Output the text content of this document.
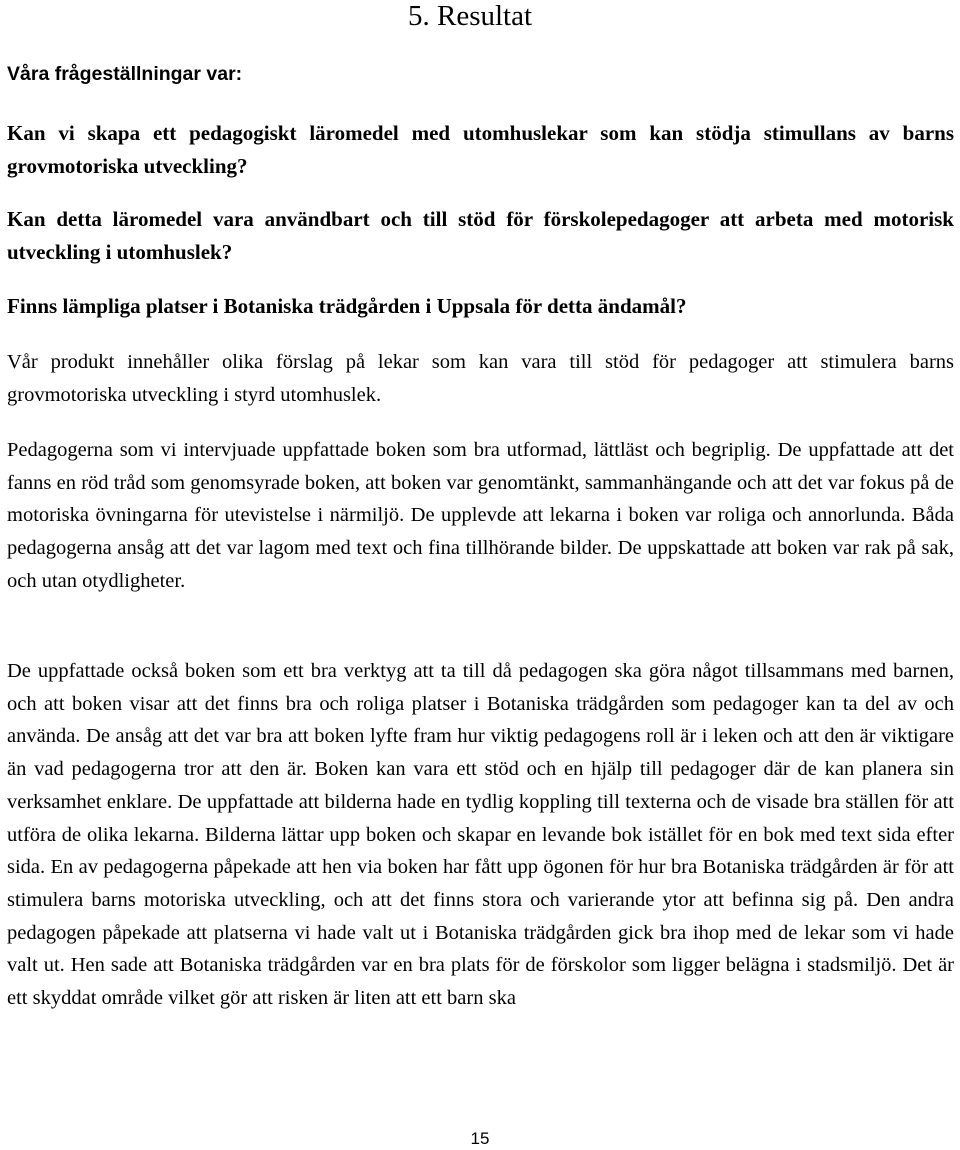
5. Resultat

Våra frågeställningar var:

Kan vi skapa ett pedagogiskt läromedel med utomhuslekar som kan stödja stimullans av barns grovmotoriska utveckling?

Kan detta läromedel vara användbart och till stöd för förskolepedagoger att arbeta med motorisk utveckling i utomhuslek?

Finns lämpliga platser i Botaniska trädgården i Uppsala för detta ändamål?

Vår produkt innehåller olika förslag på lekar som kan vara till stöd för pedagoger att stimulera barns grovmotoriska utveckling i styrd utomhuslek.

Pedagogerna som vi intervjuade uppfattade boken som bra utformad, lättläst och begriplig. De uppfattade att det fanns en röd tråd som genomsyrade boken, att boken var genomtänkt, sammanhängande och att det var fokus på de motoriska övningarna för utevistelse i närmiljö. De upplevde att lekarna i boken var roliga och annorlunda. Båda pedagogerna ansåg att det var lagom med text och fina tillhörande bilder. De uppskattade att boken var rak på sak, och utan otydligheter.

De uppfattade också boken som ett bra verktyg att ta till då pedagogen ska göra något tillsammans med barnen, och att boken visar att det finns bra och roliga platser i Botaniska trädgården som pedagoger kan ta del av och använda. De ansåg att det var bra att boken lyfte fram hur viktig pedagogens roll är i leken och att den är viktigare än vad pedagogerna tror att den är. Boken kan vara ett stöd och en hjälp till pedagoger där de kan planera sin verksamhet enklare. De uppfattade att bilderna hade en tydlig koppling till texterna och de visade bra ställen för att utföra de olika lekarna. Bilderna lättar upp boken och skapar en levande bok istället för en bok med text sida efter sida. En av pedagogerna påpekade att hen via boken har fått upp ögonen för hur bra Botaniska trädgården är för att stimulera barns motoriska utveckling, och att det finns stora och varierande ytor att befinna sig på. Den andra pedagogen påpekade att platserna vi hade valt ut i Botaniska trädgården gick bra ihop med de lekar som vi hade valt ut. Hen sade att Botaniska trädgården var en bra plats för de förskolor som ligger belägna i stadsmiljö. Det är ett skyddat område vilket gör att risken är liten att ett barn ska

15
